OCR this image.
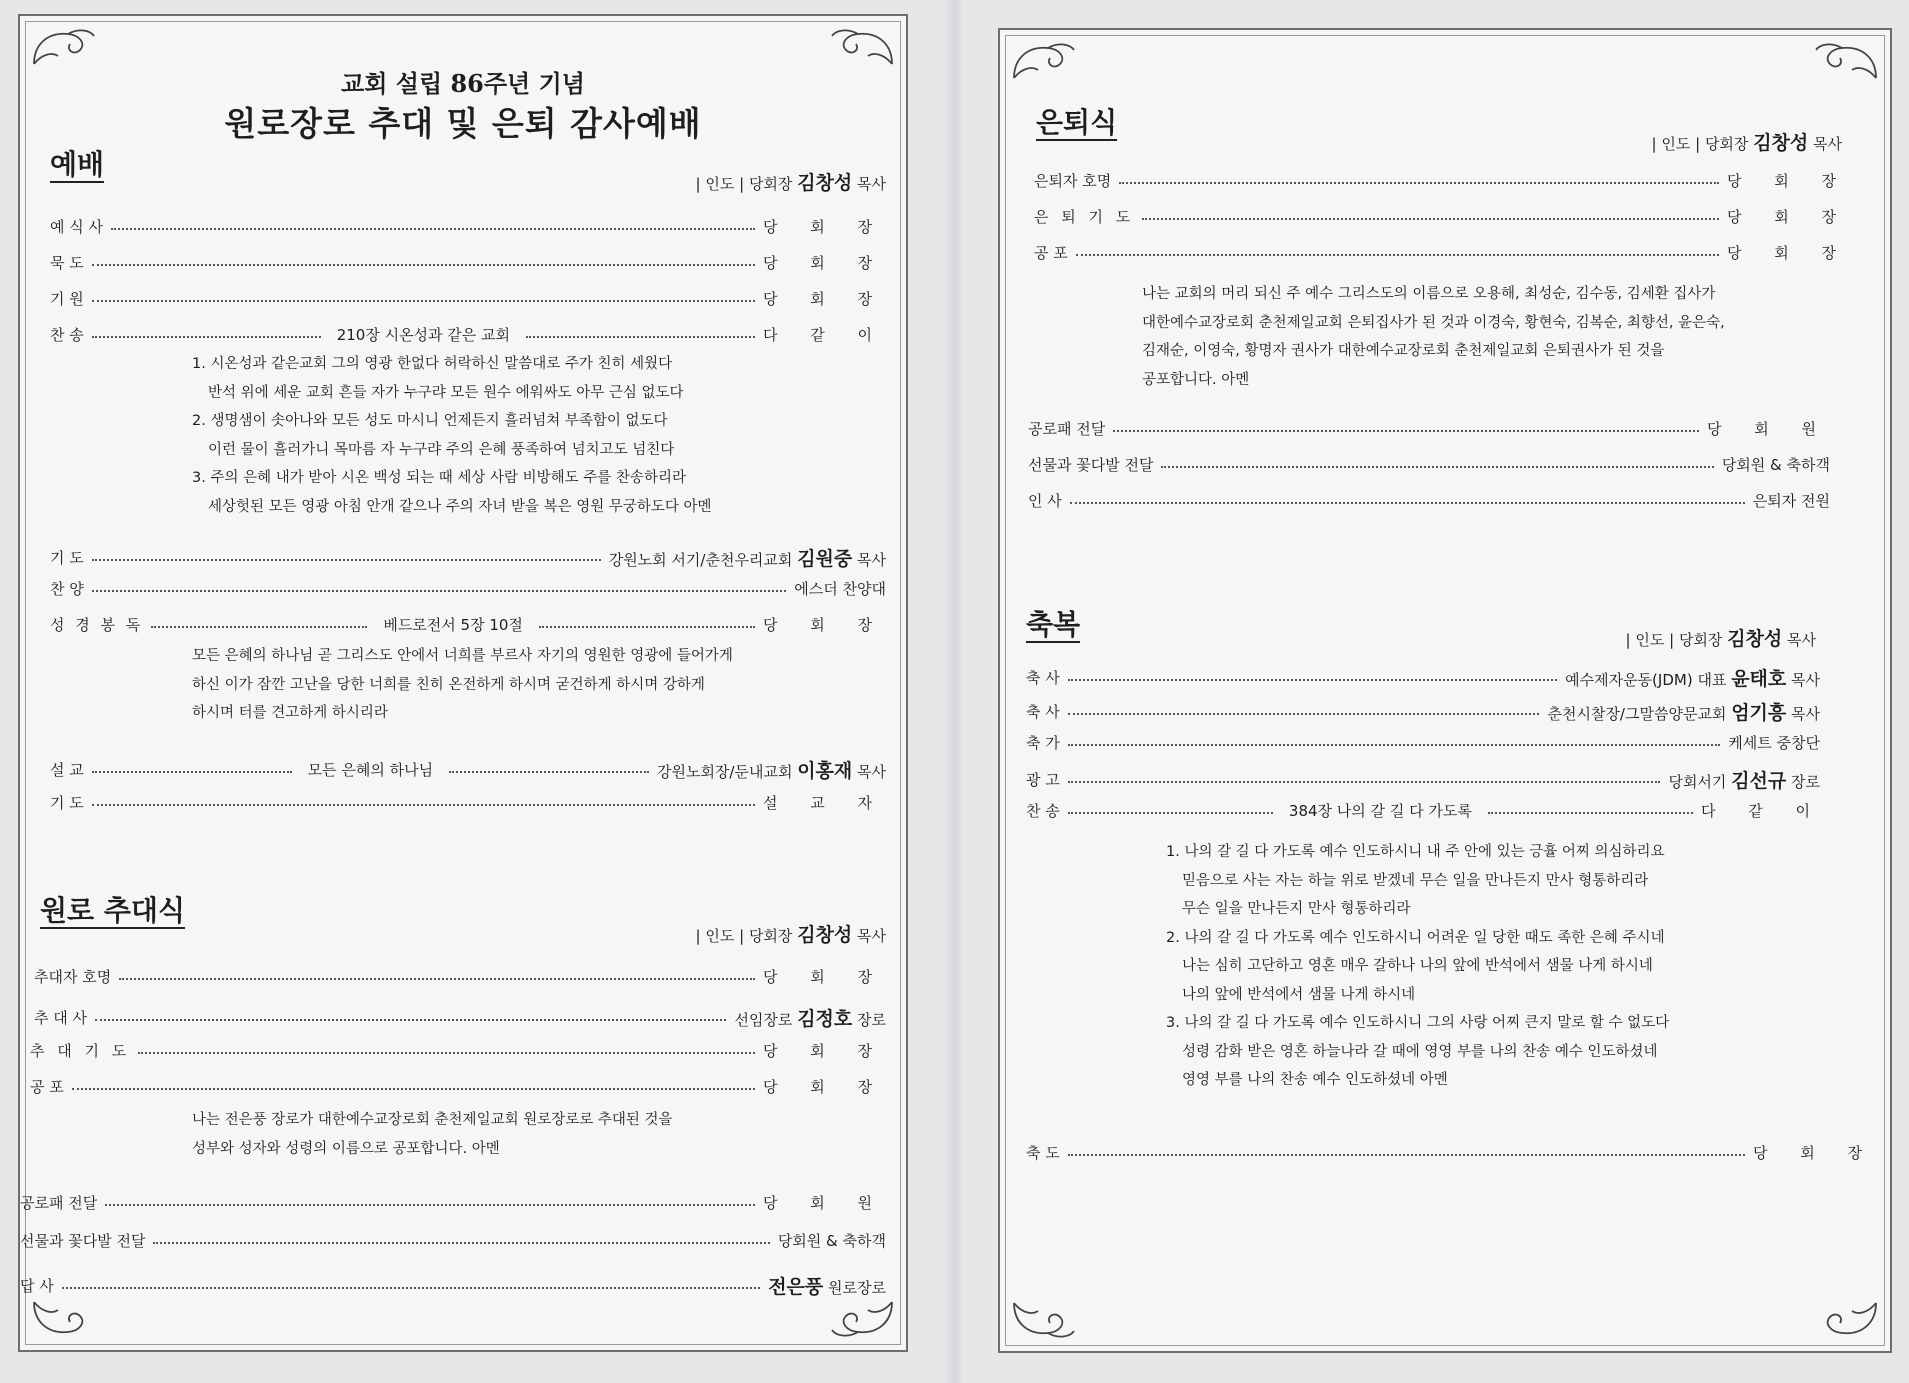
교회 설립 86주년 기념
원로장로 추대 및 은퇴 감사예배
예배
| 인도 | 당회장 김창성 목사
예 식 사	당 회 장
묵 도	당 회 장
기 원	당 회 장
찬 송	210장 시온성과 같은 교회	다 같 이
1. 시온성과 같은교회 그의 영광 한없다 허락하신 말씀대로 주가 친히 세웠다
반석 위에 세운 교회 흔들 자가 누구랴 모든 원수 에워싸도 아무 근심 없도다
2. 생명샘이 솟아나와 모든 성도 마시니 언제든지 흘러넘쳐 부족함이 없도다
이런 물이 흘러가니 목마름 자 누구랴 주의 은혜 풍족하여 넘치고도 넘친다
3. 주의 은혜 내가 받아 시온 백성 되는 때 세상 사람 비방해도 주를 찬송하리라
세상헛된 모든 영광 아침 안개 같으나 주의 자녀 받을 복은 영원 무궁하도다 아멘
기 도	강원노회 서기/춘천우리교회 김원중 목사
찬 양	에스더 찬양대
성 경 봉 독	베드로전서 5장 10절	당 회 장
모든 은혜의 하나님 곧 그리스도 안에서 너희를 부르사 자기의 영원한 영광에 들어가게
하신 이가 잠깐 고난을 당한 너희를 친히 온전하게 하시며 굳건하게 하시며 강하게
하시며 터를 견고하게 하시리라
설 교	모든 은혜의 하나님	강원노회장/둔내교회 이홍재 목사
기 도	설 교 자
원로 추대식
| 인도 | 당회장 김창성 목사
추대자 호명	당 회 장
추 대 사	선임장로 김정호 장로
추 대 기 도	당 회 장
공 포	당 회 장
나는 전은풍 장로가 대한예수교장로회 춘천제일교회 원로장로로 추대된 것을
성부와 성자와 성령의 이름으로 공포합니다. 아멘
공로패 전달	당 회 원
선물과 꽃다발 전달	당회원 & 축하객
답 사	전은풍 원로장로
은퇴식
| 인도 | 당회장 김창성 목사
은퇴자 호명	당 회 장
은 퇴 기 도	당 회 장
공 포	당 회 장
나는 교회의 머리 되신 주 예수 그리스도의 이름으로 오용해, 최성순, 김수동, 김세환 집사가
대한예수교장로회 춘천제일교회 은퇴집사가 된 것과 이경숙, 황현숙, 김복순, 최향선, 윤은숙,
김재순, 이영숙, 황명자 권사가 대한예수교장로회 춘천제일교회 은퇴권사가 된 것을
공포합니다. 아멘
공로패 전달	당 회 원
선물과 꽃다발 전달	당회원 & 축하객
인 사	은퇴자 전원
축복	| 인도 | 당회장 김창성 목사
축 사	예수제자운동(JDM) 대표 윤태호 목사
축 사	춘천시찰장/그말씀양문교회 엄기흥 목사
축 가	케세트 중창단
광 고	당회서기 김선규 장로
찬 송	384장 나의 갈 길 다 가도록	다 같 이
1. 나의 갈 길 다 가도록 예수 인도하시니 내 주 안에 있는 긍휼 어찌 의심하리요
믿음으로 사는 자는 하늘 위로 받겠네 무슨 일을 만나든지 만사 형통하리라
무슨 일을 만나든지 만사 형통하리라
2. 나의 갈 길 다 가도록 예수 인도하시니 어려운 일 당한 때도 족한 은혜 주시네
나는 심히 고단하고 영혼 매우 갈하나 나의 앞에 반석에서 샘물 나게 하시네
나의 앞에 반석에서 샘물 나게 하시네
3. 나의 갈 길 다 가도록 예수 인도하시니 그의 사랑 어찌 큰지 말로 할 수 없도다
성령 감화 받은 영혼 하늘나라 갈 때에 영영 부를 나의 찬송 예수 인도하셨네
영영 부를 나의 찬송 예수 인도하셨네 아멘
축 도	당 회 장
